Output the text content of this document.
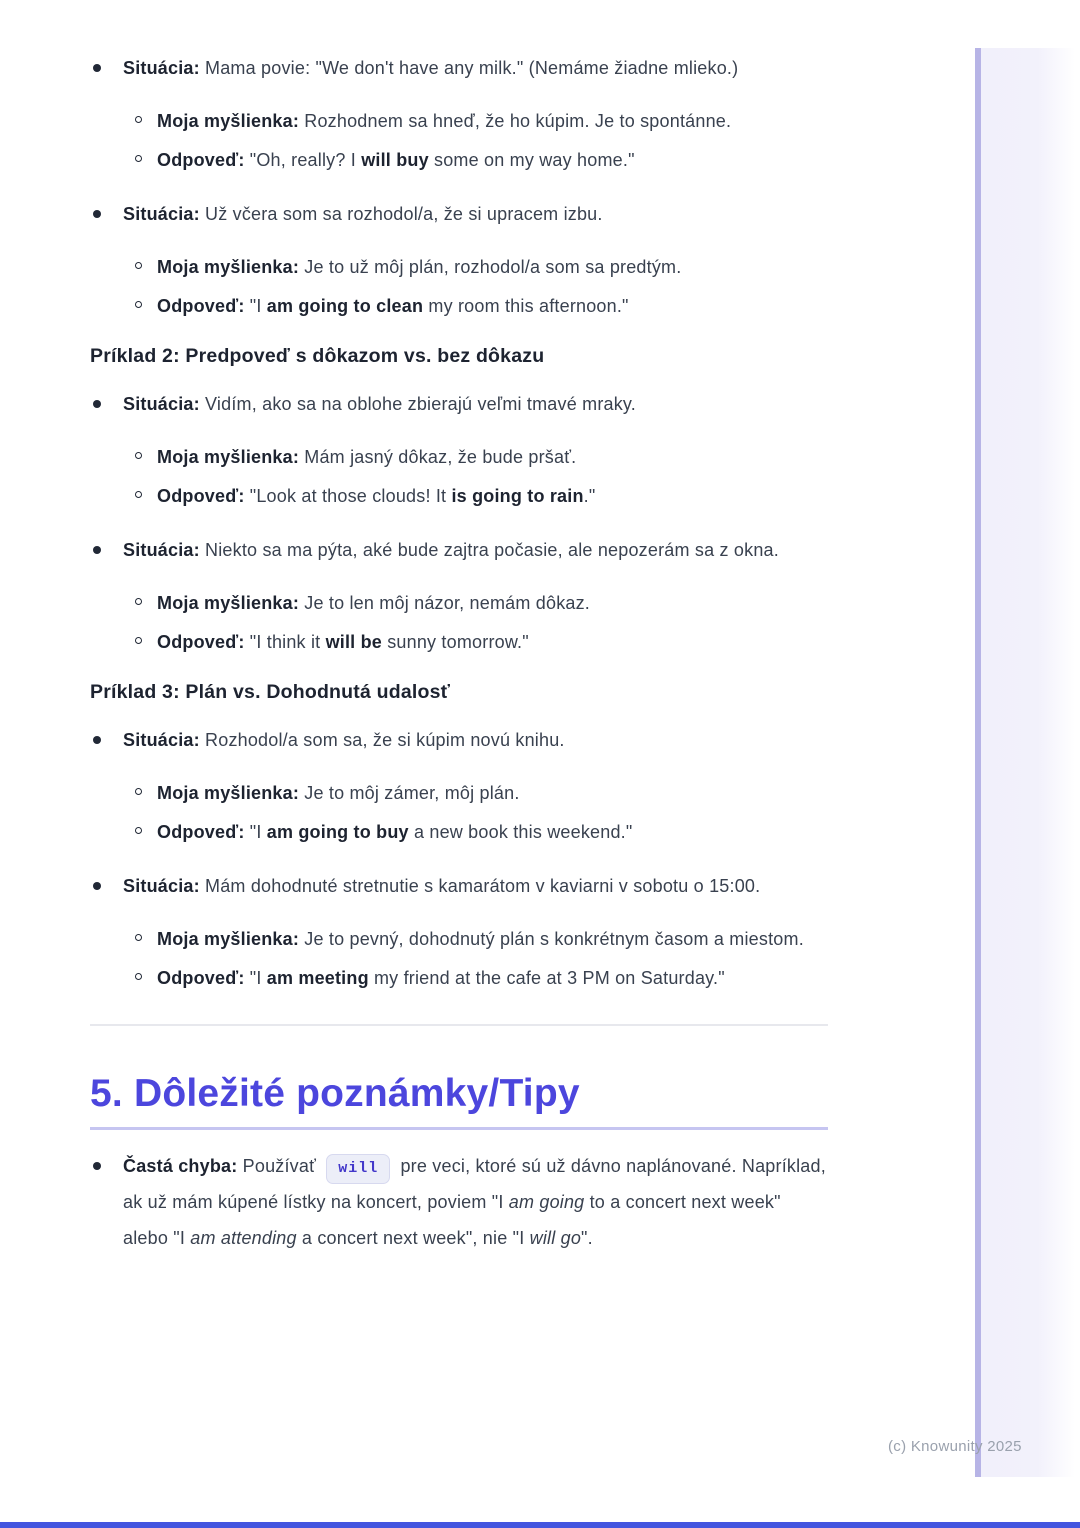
Situácia: Mama povie: "We don't have any milk." (Nemáme žiadne mlieko.)
Moja myšlienka: Rozhodnem sa hneď, že ho kúpim. Je to spontánne.
Odpoveď: "Oh, really? I will buy some on my way home."
Situácia: Už včera som sa rozhodol/a, že si upracem izbu.
Moja myšlienka: Je to už môj plán, rozhodol/a som sa predtým.
Odpoveď: "I am going to clean my room this afternoon."
Príklad 2: Predpoveď s dôkazom vs. bez dôkazu
Situácia: Vidím, ako sa na oblohe zbierajú veľmi tmavé mraky.
Moja myšlienka: Mám jasný dôkaz, že bude pršať.
Odpoveď: "Look at those clouds! It is going to rain."
Situácia: Niekto sa ma pýta, aké bude zajtra počasie, ale nepozerám sa z okna.
Moja myšlienka: Je to len môj názor, nemám dôkaz.
Odpoveď: "I think it will be sunny tomorrow."
Príklad 3: Plán vs. Dohodnutá udalosť
Situácia: Rozhodol/a som sa, že si kúpim novú knihu.
Moja myšlienka: Je to môj zámer, môj plán.
Odpoveď: "I am going to buy a new book this weekend."
Situácia: Mám dohodnuté stretnutie s kamarátom v kaviarni v sobotu o 15:00.
Moja myšlienka: Je to pevný, dohodnutý plán s konkrétnym časom a miestom.
Odpoveď: "I am meeting my friend at the cafe at 3 PM on Saturday."
5. Dôležité poznámky/Tipy
Častá chyba: Používať will pre veci, ktoré sú už dávno naplánované. Napríklad, ak už mám kúpené lístky na koncert, poviem "I am going to a concert next week" alebo "I am attending a concert next week", nie "I will go".
(c) Knowunity 2025
